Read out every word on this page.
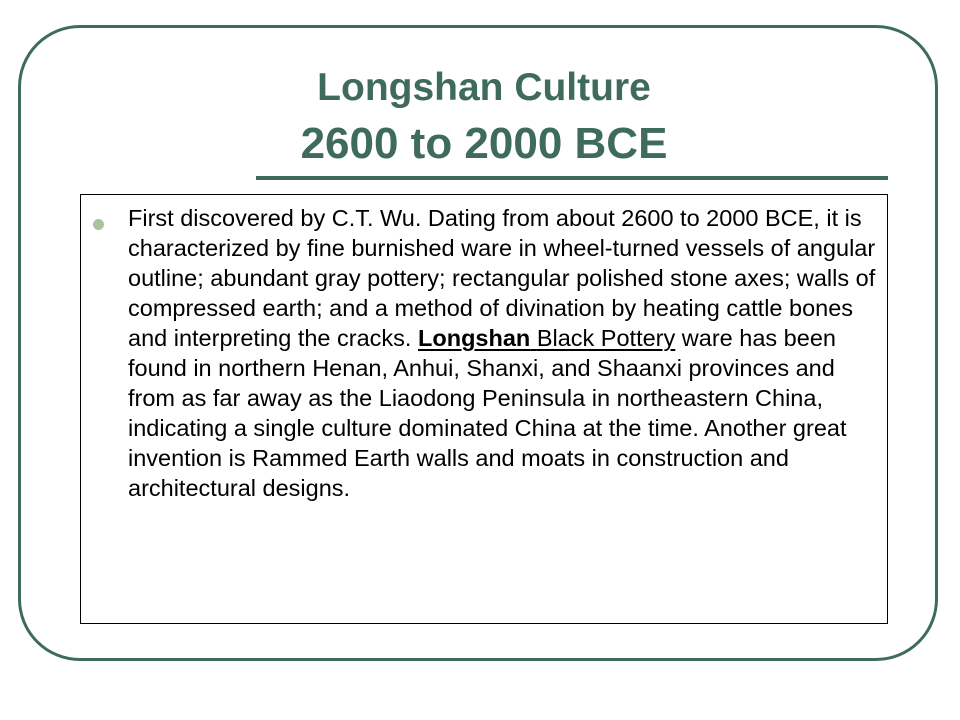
Longshan Culture
2600 to 2000 BCE

First discovered by C.T. Wu. Dating from about 2600 to 2000 BCE, it is characterized by fine burnished ware in wheel-turned vessels of angular outline; abundant gray pottery; rectangular polished stone axes; walls of compressed earth; and a method of divination by heating cattle bones and interpreting the cracks. Longshan Black Pottery ware has been found in northern Henan, Anhui, Shanxi, and Shaanxi provinces and from as far away as the Liaodong Peninsula in northeastern China, indicating a single culture dominated China at the time. Another great invention is Rammed Earth walls and moats in construction and architectural designs.
